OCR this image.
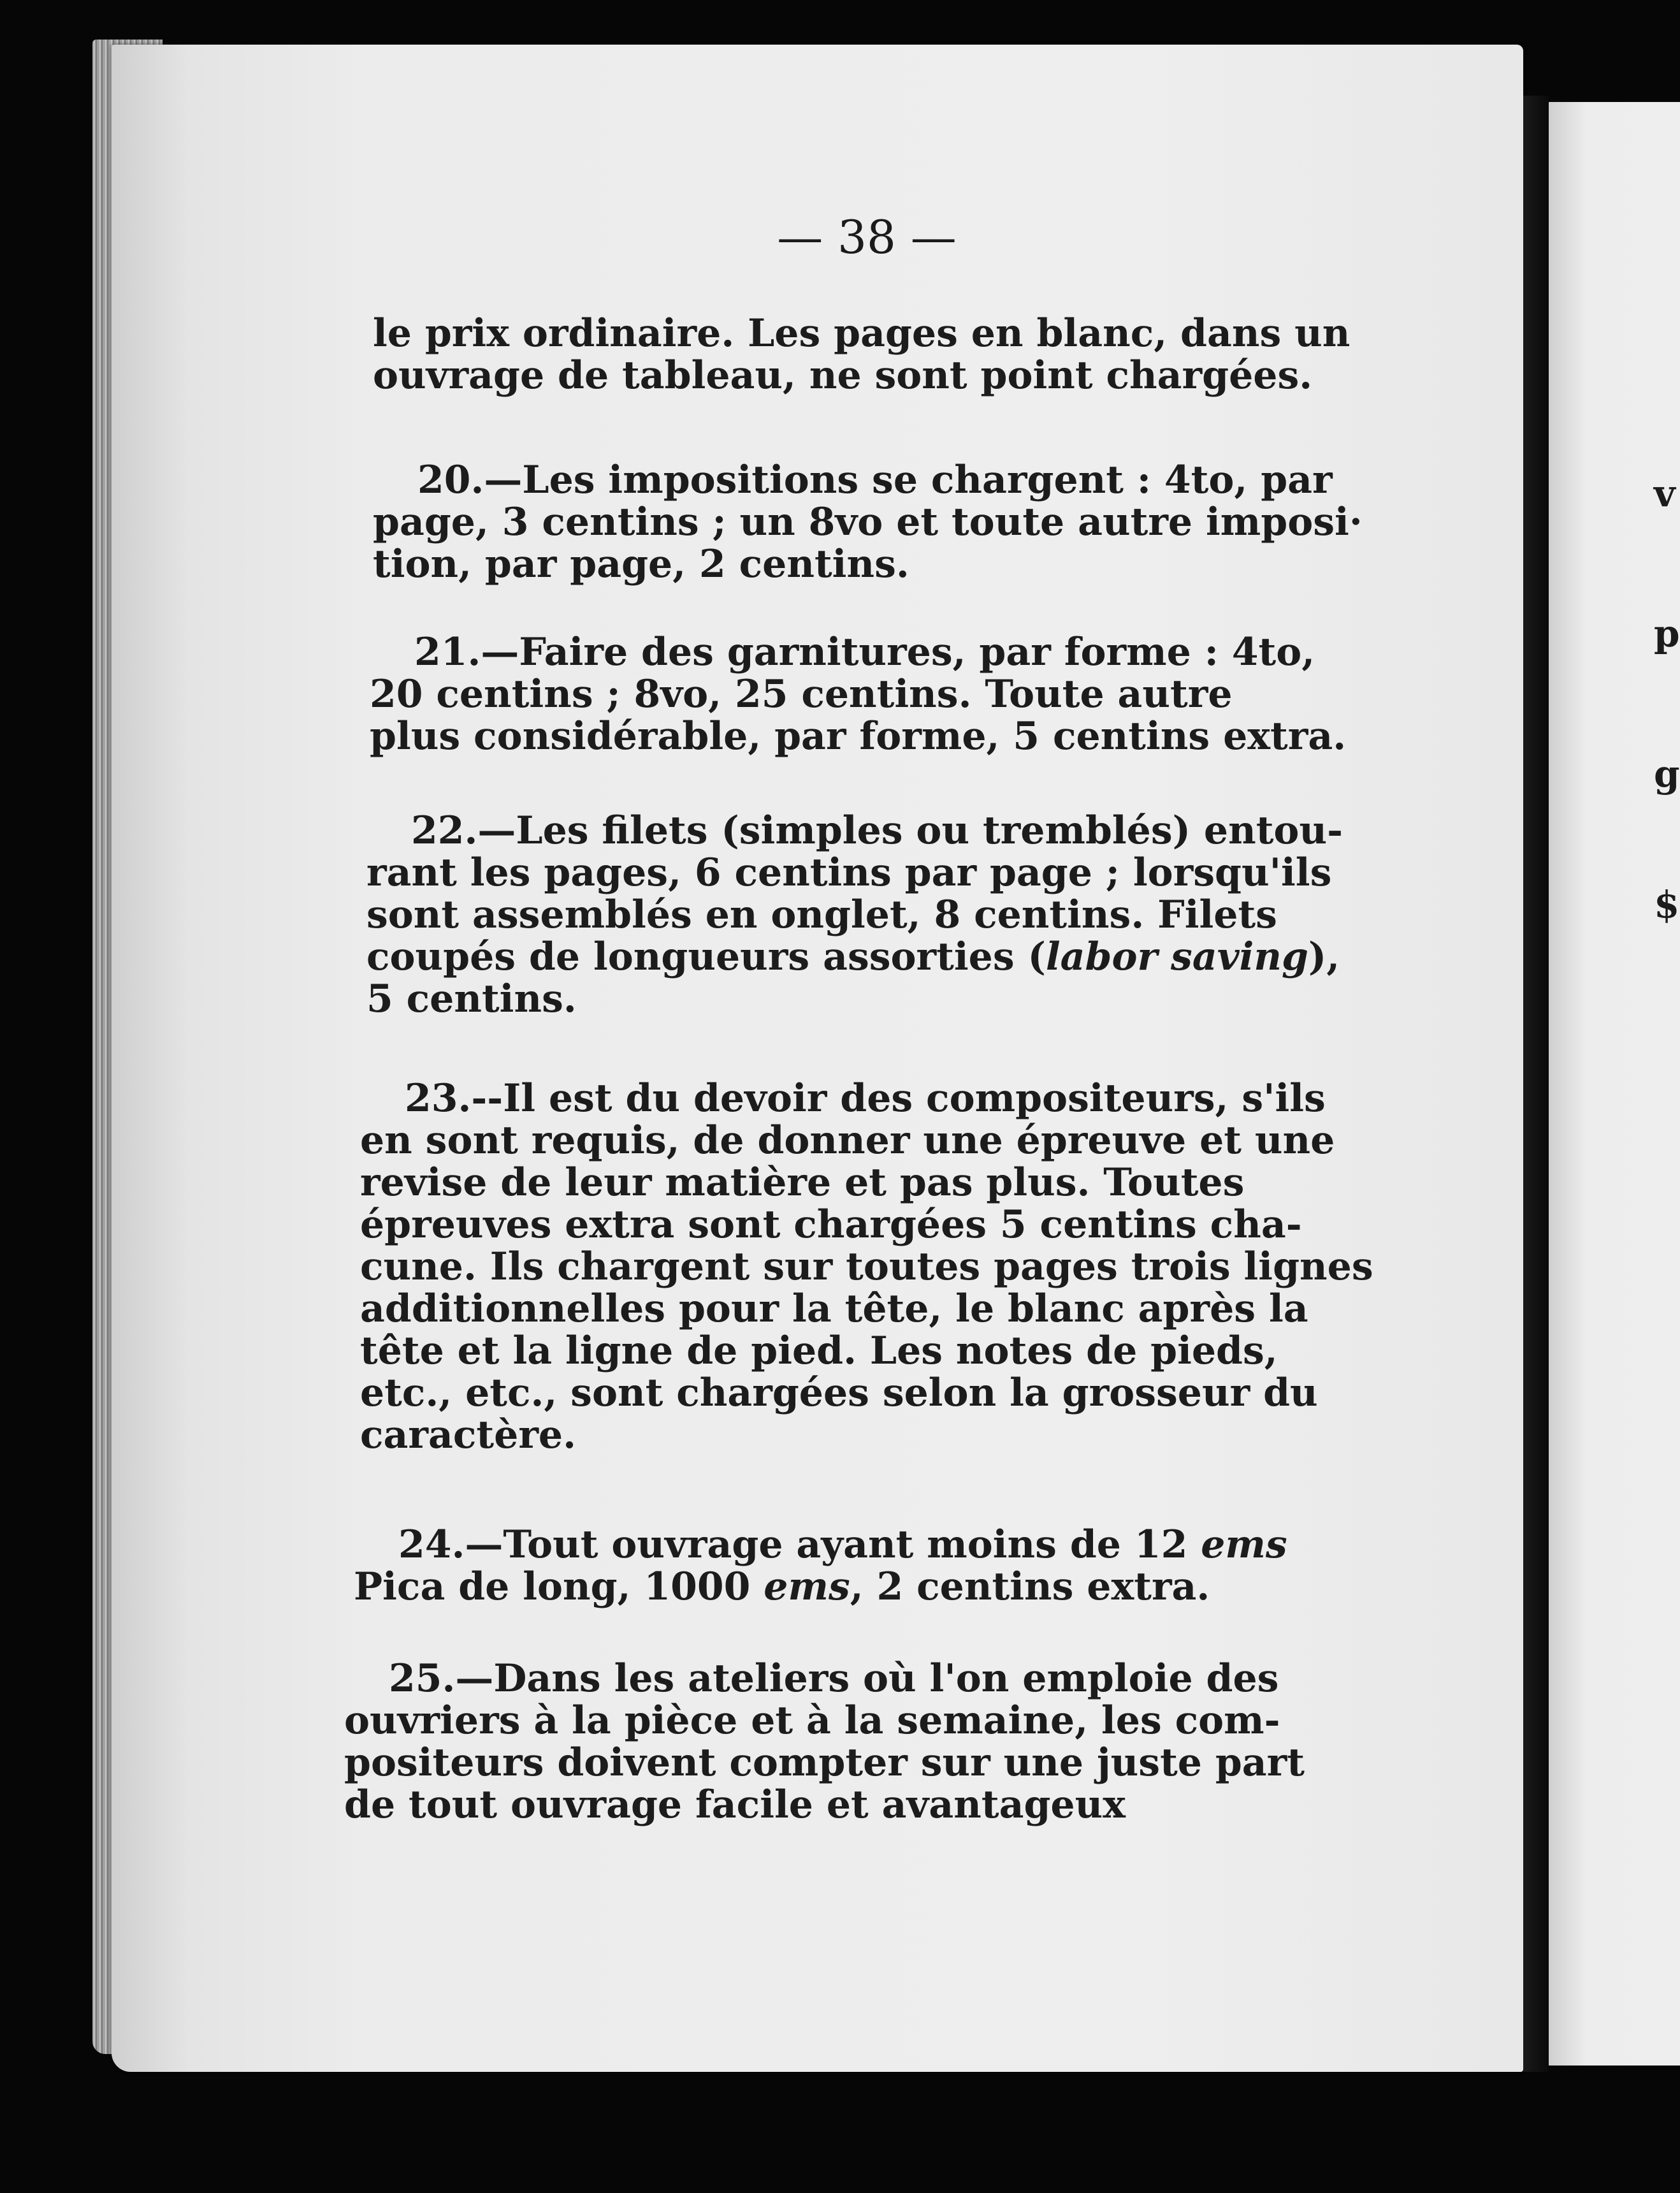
v
p
g
$
— 38 —

le prix ordinaire. Les pages en blanc, dans un
ouvrage de tableau, ne sont point chargées.

20.—Les impositions se chargent : 4to, par
page, 3 centins ; un 8vo et toute autre imposi·
tion, par page, 2 centins.

21.—Faire des garnitures, par forme : 4to,
20 centins ; 8vo, 25 centins. Toute autre
plus considérable, par forme, 5 centins extra.

22.—Les filets (simples ou tremblés) entou-
rant les pages, 6 centins par page ; lorsqu'ils
sont assemblés en onglet, 8 centins. Filets
coupés de longueurs assorties (labor saving),
5 centins.

23.--Il est du devoir des compositeurs, s'ils
en sont requis, de donner une épreuve et une
revise de leur matière et pas plus. Toutes
épreuves extra sont chargées 5 centins cha-
cune. Ils chargent sur toutes pages trois lignes
additionnelles pour la tête, le blanc après la
tête et la ligne de pied. Les notes de pieds,
etc., etc., sont chargées selon la grosseur du
caractère.

24.—Tout ouvrage ayant moins de 12 ems
Pica de long, 1000 ems, 2 centins extra.

25.—Dans les ateliers où l'on emploie des
ouvriers à la pièce et à la semaine, les com-
positeurs doivent compter sur une juste part
de tout ouvrage facile et avantageux
